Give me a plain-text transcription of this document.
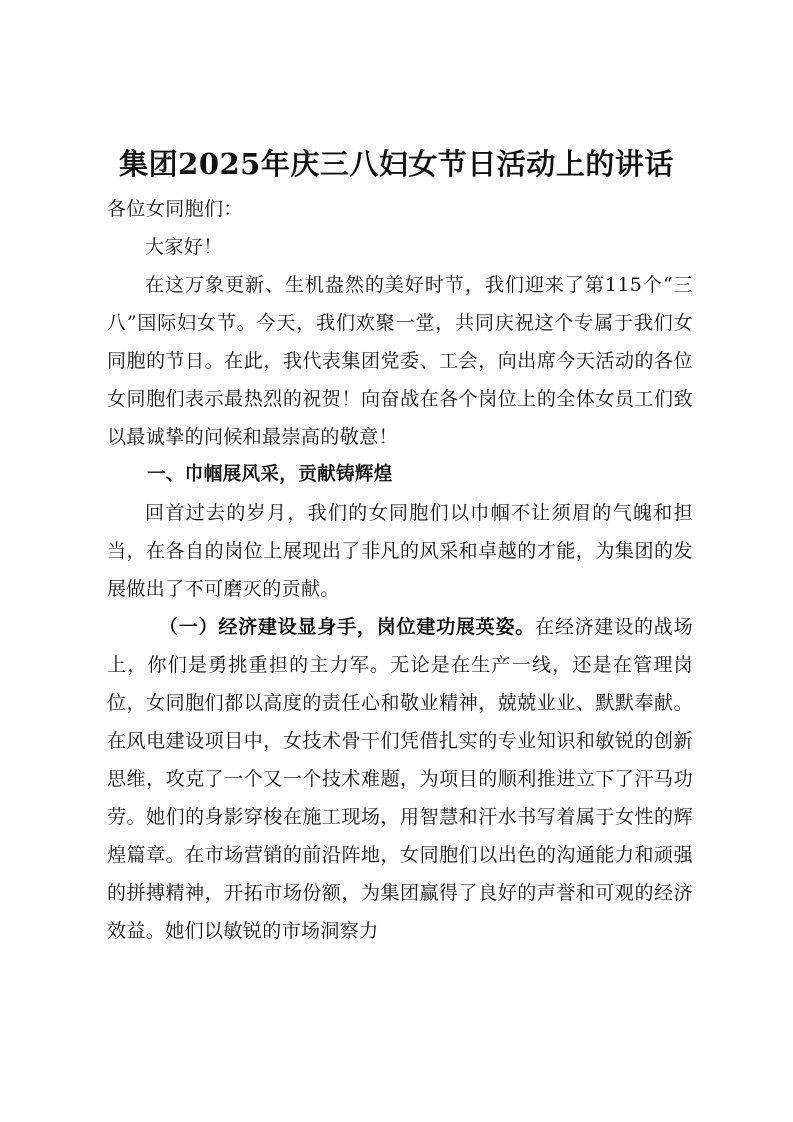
集团2025年庆三八妇女节日活动上的讲话

各位女同胞们：

大家好！

在这万象更新、生机盎然的美好时节，我们迎来了第115个“三八”国际妇女节。今天，我们欢聚一堂，共同庆祝这个专属于我们女同胞的节日。在此，我代表集团党委、工会，向出席今天活动的各位女同胞们表示最热烈的祝贺！向奋战在各个岗位上的全体女员工们致以最诚挚的问候和最崇高的敬意！

一、巾帼展风采，贡献铸辉煌

回首过去的岁月，我们的女同胞们以巾帼不让须眉的气魄和担当，在各自的岗位上展现出了非凡的风采和卓越的才能，为集团的发展做出了不可磨灭的贡献。

（一）经济建设显身手，岗位建功展英姿。在经济建设的战场上，你们是勇挑重担的主力军。无论是在生产一线，还是在管理岗位，女同胞们都以高度的责任心和敬业精神，兢兢业业、默默奉献。在风电建设项目中，女技术骨干们凭借扎实的专业知识和敏锐的创新思维，攻克了一个又一个技术难题，为项目的顺利推进立下了汗马功劳。她们的身影穿梭在施工现场，用智慧和汗水书写着属于女性的辉煌篇章。在市场营销的前沿阵地，女同胞们以出色的沟通能力和顽强的拼搏精神，开拓市场份额，为集团赢得了良好的声誉和可观的经济效益。她们以敏锐的市场洞察力
